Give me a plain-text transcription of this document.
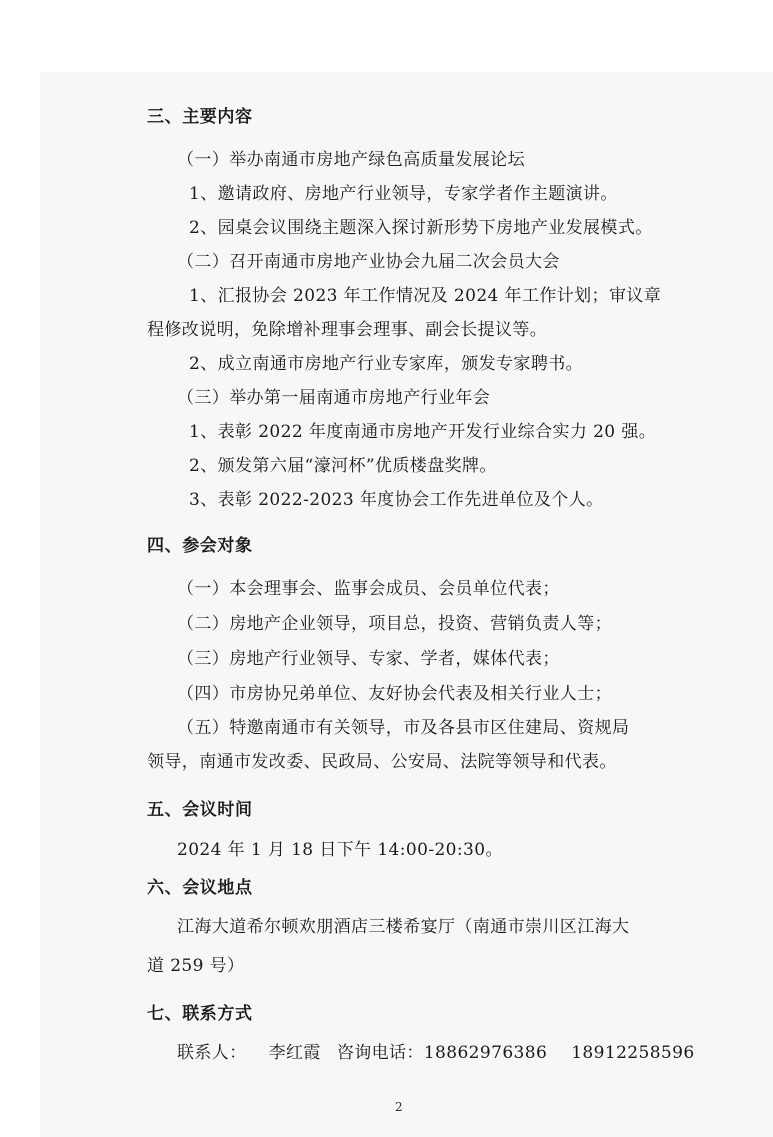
三、主要内容
（一）举办南通市房地产绿色高质量发展论坛
1、邀请政府、房地产行业领导，专家学者作主题演讲。
2、园桌会议围绕主题深入探讨新形势下房地产业发展模式。
（二）召开南通市房地产业协会九届二次会员大会
1、汇报协会 2023 年工作情况及 2024 年工作计划；审议章
程修改说明，免除增补理事会理事、副会长提议等。
2、成立南通市房地产行业专家库，颁发专家聘书。
（三）举办第一届南通市房地产行业年会
1、表彰 2022 年度南通市房地产开发行业综合实力 20 强。
2、颁发第六届“濠河杯”优质楼盘奖牌。
3、表彰 2022-2023 年度协会工作先进单位及个人。
四、参会对象
（一）本会理事会、监事会成员、会员单位代表；
（二）房地产企业领导，项目总，投资、营销负责人等；
（三）房地产行业领导、专家、学者，媒体代表；
（四）市房协兄弟单位、友好协会代表及相关行业人士；
（五）特邀南通市有关领导，市及各县市区住建局、资规局
领导，南通市发改委、民政局、公安局、法院等领导和代表。
五、会议时间
2024 年 1 月 18 日下午 14:00-20:30。
六、会议地点
江海大道希尔顿欢朋酒店三楼希宴厅（南通市崇川区江海大
道 259 号）
七、联系方式
联系人： 李红霞 咨询电话：18862976386 18912258596
2
